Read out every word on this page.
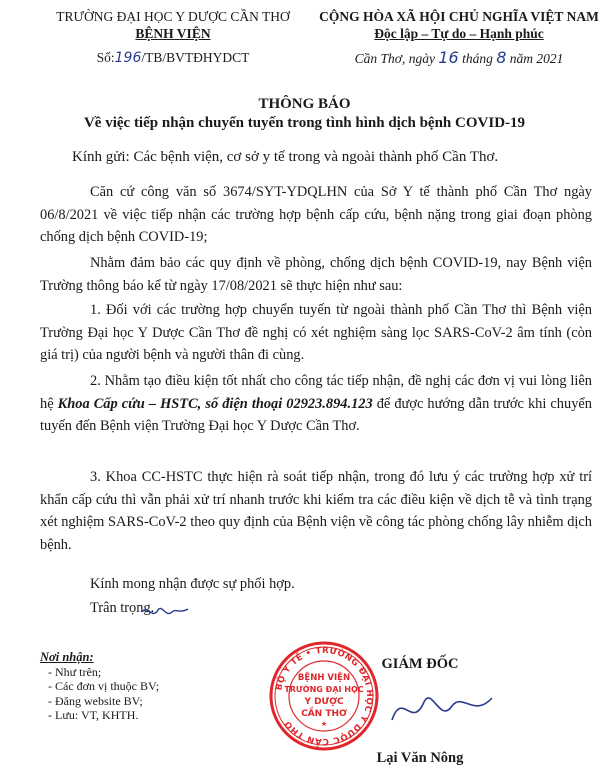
TRƯỜNG ĐẠI HỌC Y DƯỢC CẦN THƠ
BỆNH VIỆN
Số:196/TB/BVTĐHYDCT
CỘNG HÒA XÃ HỘI CHỦ NGHĨA VIỆT NAM
Độc lập – Tự do – Hạnh phúc
Cần Thơ, ngày 16 tháng 8 năm 2021
THÔNG BÁO
Về việc tiếp nhận chuyển tuyến trong tình hình dịch bệnh COVID-19
Kính gửi: Các bệnh viện, cơ sở y tế trong và ngoài thành phố Cần Thơ.
Căn cứ công văn số 3674/SYT-YDQLHN của Sở Y tế thành phố Cần Thơ ngày 06/8/2021 về việc tiếp nhận các trường hợp bệnh cấp cứu, bệnh nặng trong giai đoạn phòng chống dịch bệnh COVID-19;
Nhằm đảm bảo các quy định về phòng, chống dịch bệnh COVID-19, nay Bệnh viện Trường thông báo kể từ ngày 17/08/2021 sẽ thực hiện như sau:
1. Đối với các trường hợp chuyển tuyến từ ngoài thành phố Cần Thơ thì Bệnh viện Trường Đại học Y Dược Cần Thơ đề nghị có xét nghiệm sàng lọc SARS-CoV-2 âm tính (còn giá trị) của người bệnh và người thân đi cùng.
2. Nhằm tạo điều kiện tốt nhất cho công tác tiếp nhận, đề nghị các đơn vị vui lòng liên hệ Khoa Cấp cứu – HSTC, số điện thoại 02923.894.123 để được hướng dẫn trước khi chuyển tuyến đến Bệnh viện Trường Đại học Y Dược Cần Thơ.
3. Khoa CC-HSTC thực hiện rà soát tiếp nhận, trong đó lưu ý các trường hợp xử trí khẩn cấp cứu thì vẫn phải xử trí nhanh trước khi kiểm tra các điều kiện về dịch tễ và tình trạng xét nghiệm SARS-CoV-2 theo quy định của Bệnh viện về công tác phòng chống lây nhiễm dịch bệnh.
Kính mong nhận được sự phối hợp.
Trân trọng.
Nơi nhận:
- Như trên;
- Các đơn vị thuộc BV;
- Đăng website BV;
- Lưu: VT, KHTH.
GIÁM ĐỐC
Lại Văn Nông
BỘ Y TẾ • TRƯỜNG ĐẠI HỌC Y DƯỢC CẦN THƠ
BỆNH VIỆN
TRƯỜNG ĐẠI HỌC
Y DƯỢC
CẦN THƠ
★
